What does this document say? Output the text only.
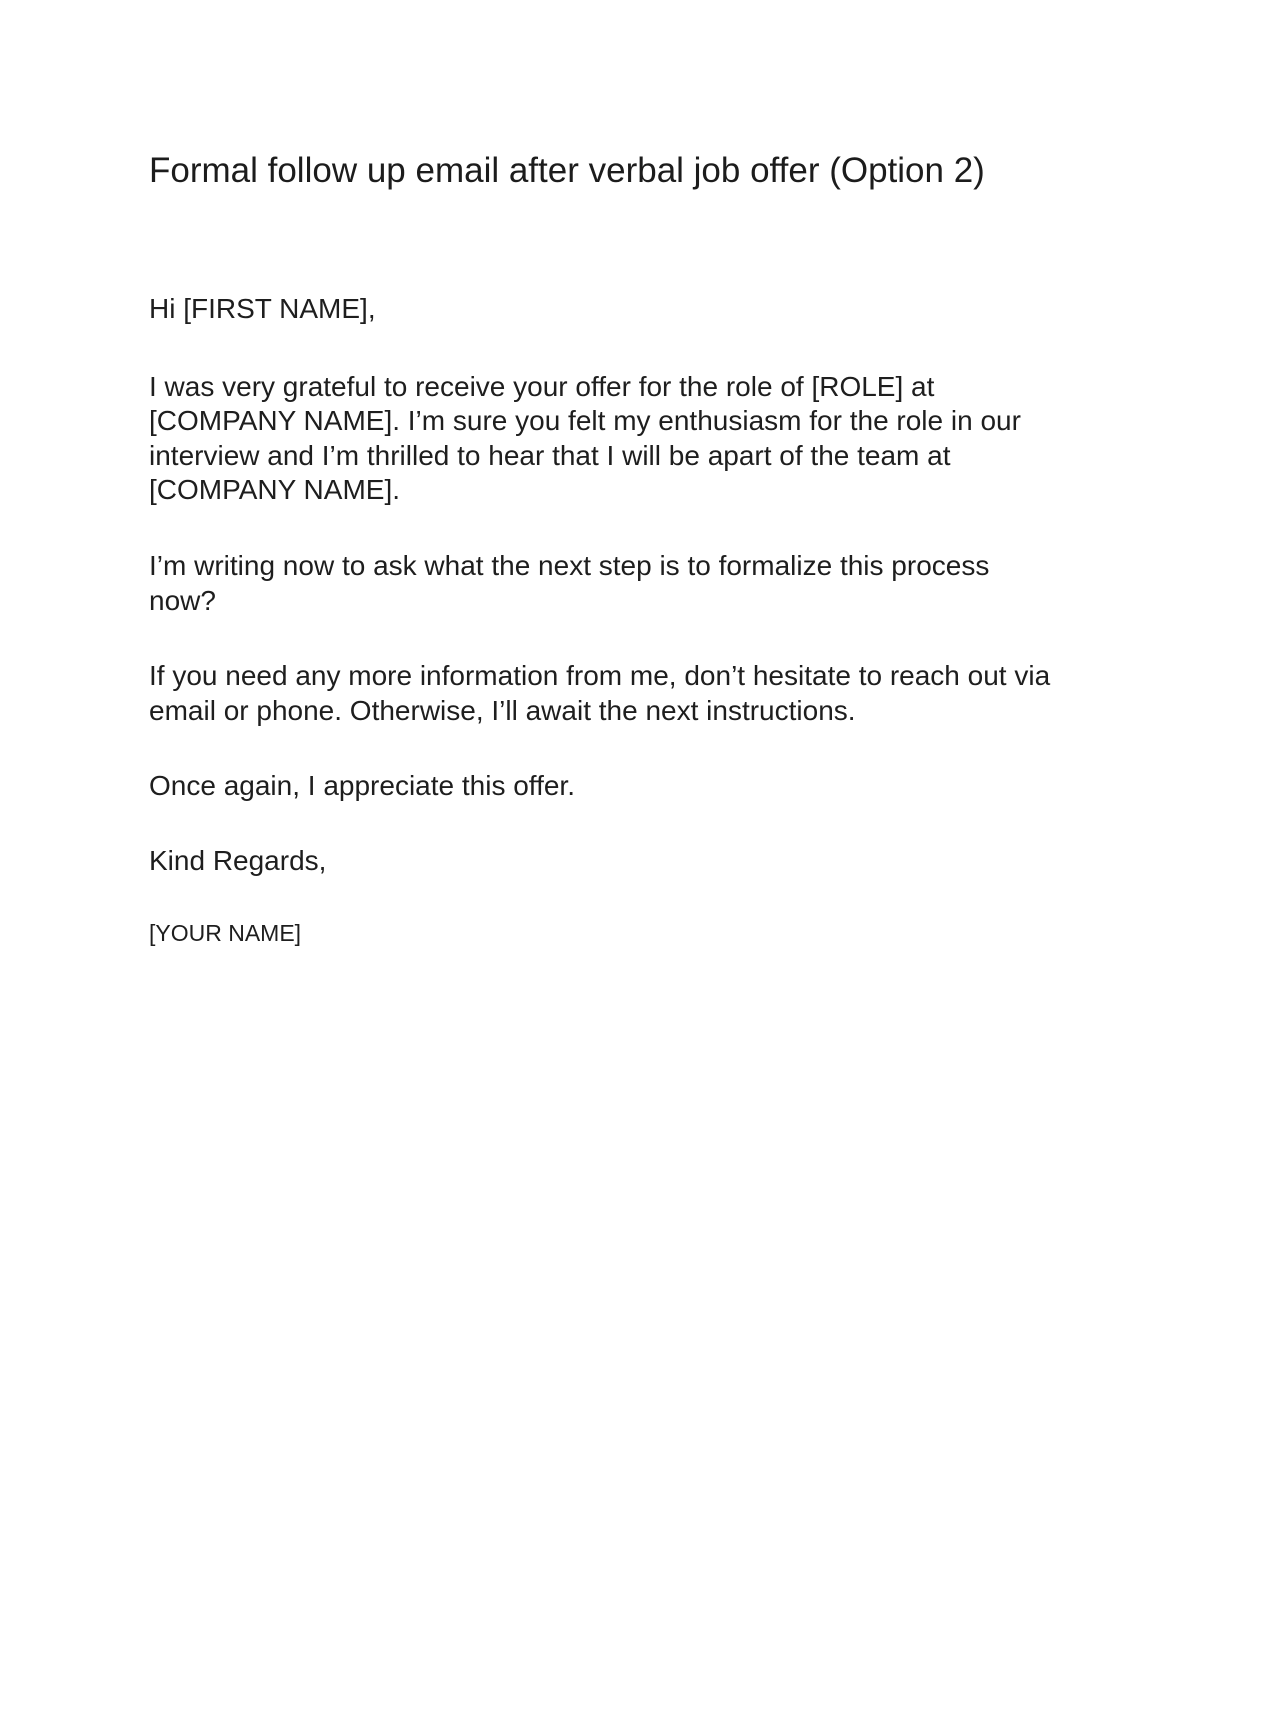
Formal follow up email after verbal job offer (Option 2)

Hi [FIRST NAME],

I was very grateful to receive your offer for the role of [ROLE] at

[COMPANY NAME]. I’m sure you felt my enthusiasm for the role in our

interview and I’m thrilled to hear that I will be apart of the team at

[COMPANY NAME].

I’m writing now to ask what the next step is to formalize this process

now?

If you need any more information from me, don’t hesitate to reach out via

email or phone. Otherwise, I’ll await the next instructions.

Once again, I appreciate this offer.

Kind Regards,

[YOUR NAME]
